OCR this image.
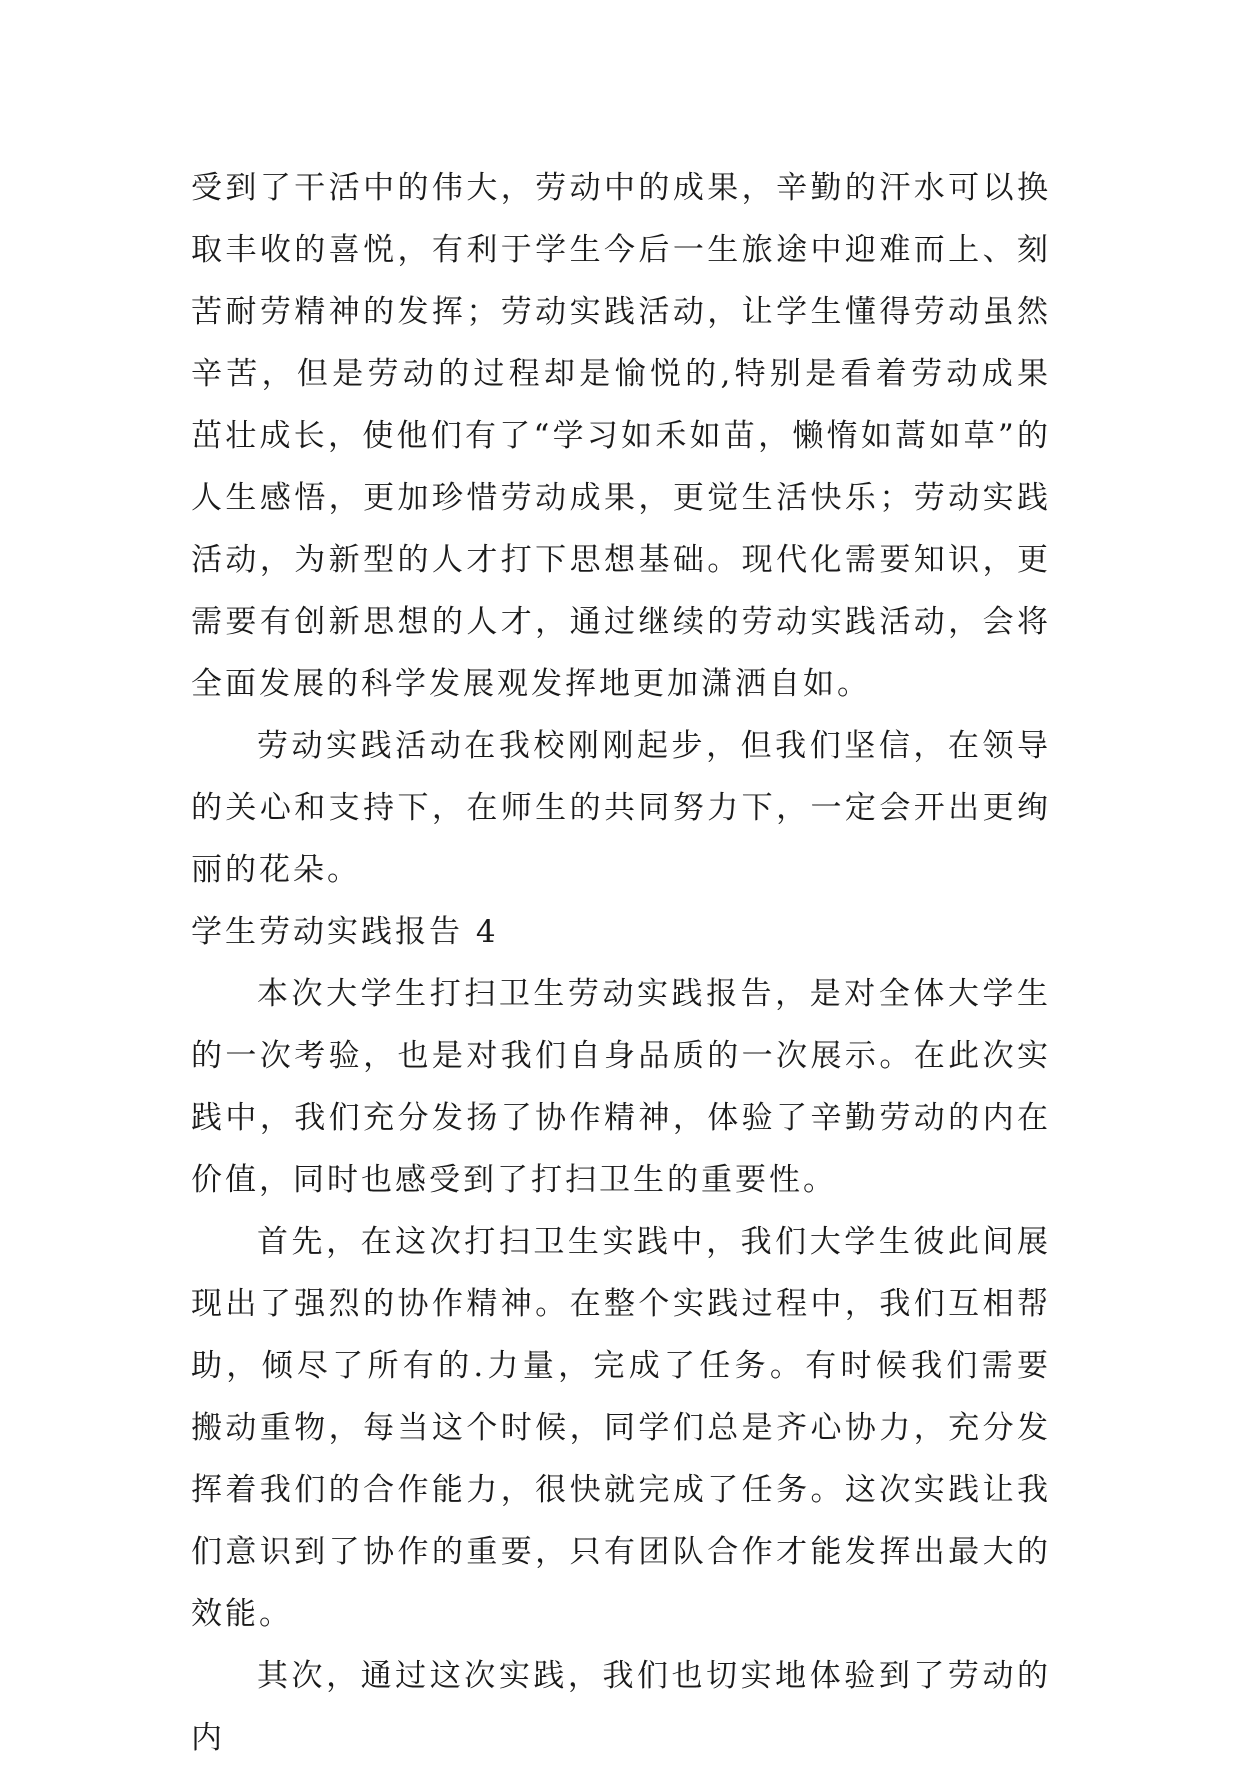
受到了干活中的伟大，劳动中的成果，辛勤的汗水可以换取丰收的喜悦，有利于学生今后一生旅途中迎难而上、刻苦耐劳精神的发挥；劳动实践活动，让学生懂得劳动虽然辛苦，但是劳动的过程却是愉悦的,特别是看着劳动成果茁壮成长，使他们有了“学习如禾如苗，懒惰如蒿如草”的人生感悟，更加珍惜劳动成果，更觉生活快乐；劳动实践活动，为新型的人才打下思想基础。现代化需要知识，更需要有创新思想的人才，通过继续的劳动实践活动，会将全面发展的科学发展观发挥地更加潇洒自如。

劳动实践活动在我校刚刚起步，但我们坚信，在领导的关心和支持下，在师生的共同努力下，一定会开出更绚丽的花朵。

学生劳动实践报告 4

本次大学生打扫卫生劳动实践报告，是对全体大学生的一次考验，也是对我们自身品质的一次展示。在此次实践中，我们充分发扬了协作精神，体验了辛勤劳动的内在价值，同时也感受到了打扫卫生的重要性。

首先，在这次打扫卫生实践中，我们大学生彼此间展现出了强烈的协作精神。在整个实践过程中，我们互相帮助，倾尽了所有的.力量，完成了任务。有时候我们需要搬动重物，每当这个时候，同学们总是齐心协力，充分发挥着我们的合作能力，很快就完成了任务。这次实践让我们意识到了协作的重要，只有团队合作才能发挥出最大的效能。

其次，通过这次实践，我们也切实地体验到了劳动的内
